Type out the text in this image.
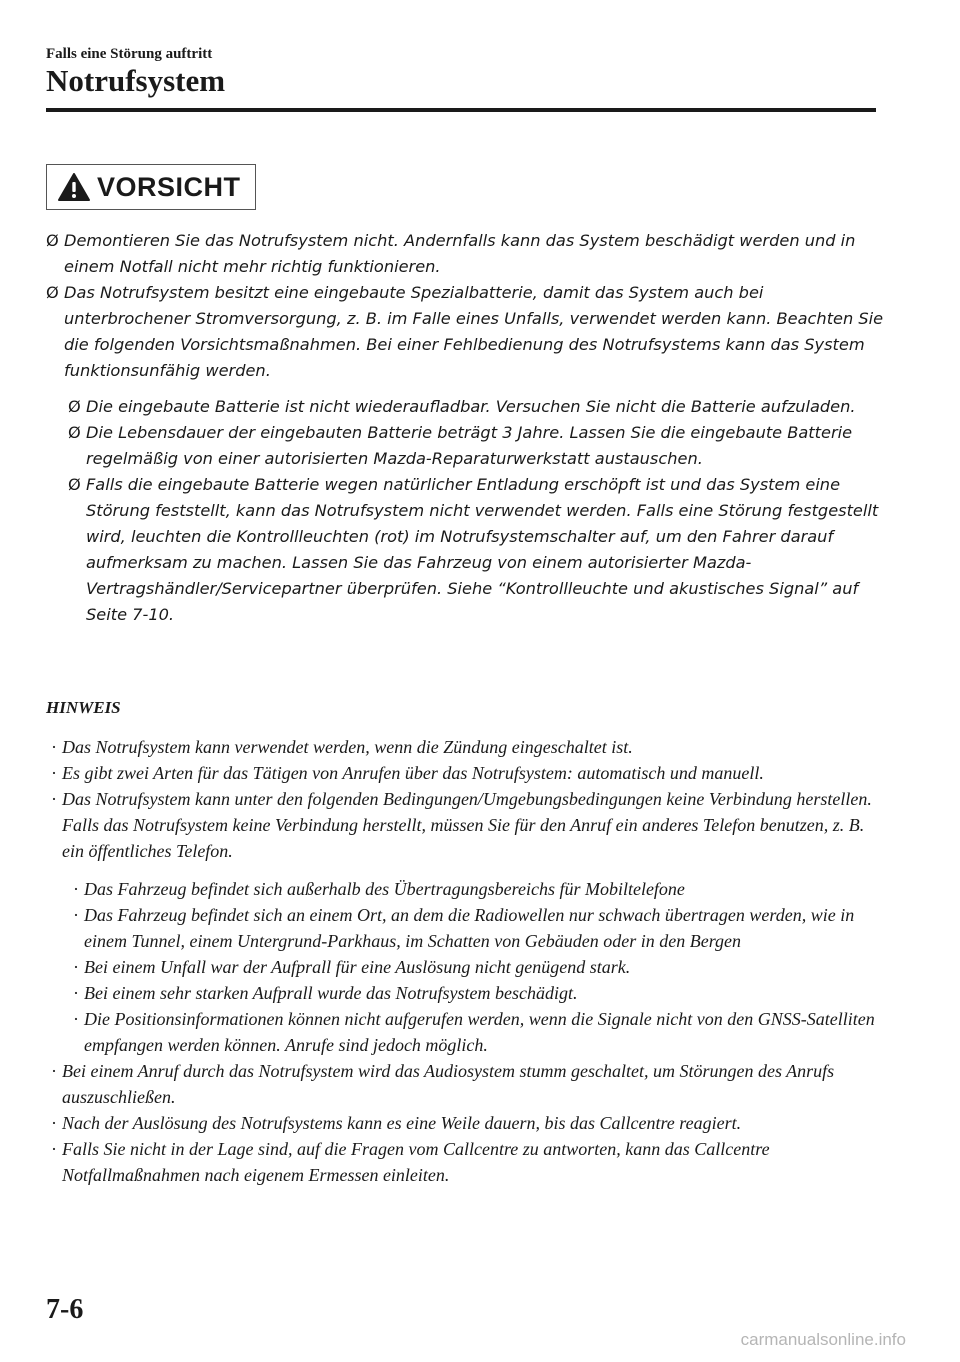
Falls eine Störung auftritt
Notrufsystem
VORSICHT

Ø Demontieren Sie das Notrufsystem nicht. Andernfalls kann das System beschädigt werden und in einem Notfall nicht mehr richtig funktionieren.

Ø Das Notrufsystem besitzt eine eingebaute Spezialbatterie, damit das System auch bei unterbrochener Stromversorgung, z. B. im Falle eines Unfalls, verwendet werden kann. Beachten Sie die folgenden Vorsichtsmaßnahmen. Bei einer Fehlbedienung des Notrufsystems kann das System funktionsunfähig werden.

Ø Die eingebaute Batterie ist nicht wiederaufladbar. Versuchen Sie nicht die Batterie aufzuladen.

Ø Die Lebensdauer der eingebauten Batterie beträgt 3 Jahre. Lassen Sie die eingebaute Batterie regelmäßig von einer autorisierten Mazda-Reparaturwerkstatt austauschen.

Ø Falls die eingebaute Batterie wegen natürlicher Entladung erschöpft ist und das System eine Störung feststellt, kann das Notrufsystem nicht verwendet werden. Falls eine Störung festgestellt wird, leuchten die Kontrollleuchten (rot) im Notrufsystemschalter auf, um den Fahrer darauf aufmerksam zu machen. Lassen Sie das Fahrzeug von einem autorisierter Mazda-Vertragshändler/Servicepartner überprüfen. Siehe “Kontrollleuchte und akustisches Signal” auf Seite 7-10.

HINWEIS

· Das Notrufsystem kann verwendet werden, wenn die Zündung eingeschaltet ist.

· Es gibt zwei Arten für das Tätigen von Anrufen über das Notrufsystem: automatisch und manuell.

· Das Notrufsystem kann unter den folgenden Bedingungen/Umgebungsbedingungen keine Verbindung herstellen. Falls das Notrufsystem keine Verbindung herstellt, müssen Sie für den Anruf ein anderes Telefon benutzen, z. B. ein öffentliches Telefon.

· Das Fahrzeug befindet sich außerhalb des Übertragungsbereichs für Mobiltelefone

· Das Fahrzeug befindet sich an einem Ort, an dem die Radiowellen nur schwach übertragen werden, wie in einem Tunnel, einem Untergrund-Parkhaus, im Schatten von Gebäuden oder in den Bergen

· Bei einem Unfall war der Aufprall für eine Auslösung nicht genügend stark.

· Bei einem sehr starken Aufprall wurde das Notrufsystem beschädigt.

· Die Positionsinformationen können nicht aufgerufen werden, wenn die Signale nicht von den GNSS-Satelliten empfangen werden können. Anrufe sind jedoch möglich.

· Bei einem Anruf durch das Notrufsystem wird das Audiosystem stumm geschaltet, um Störungen des Anrufs auszuschließen.

· Nach der Auslösung des Notrufsystems kann es eine Weile dauern, bis das Callcentre reagiert.

· Falls Sie nicht in der Lage sind, auf die Fragen vom Callcentre zu antworten, kann das Callcentre Notfallmaßnahmen nach eigenem Ermessen einleiten.

7-6
carmanualsonline.info
